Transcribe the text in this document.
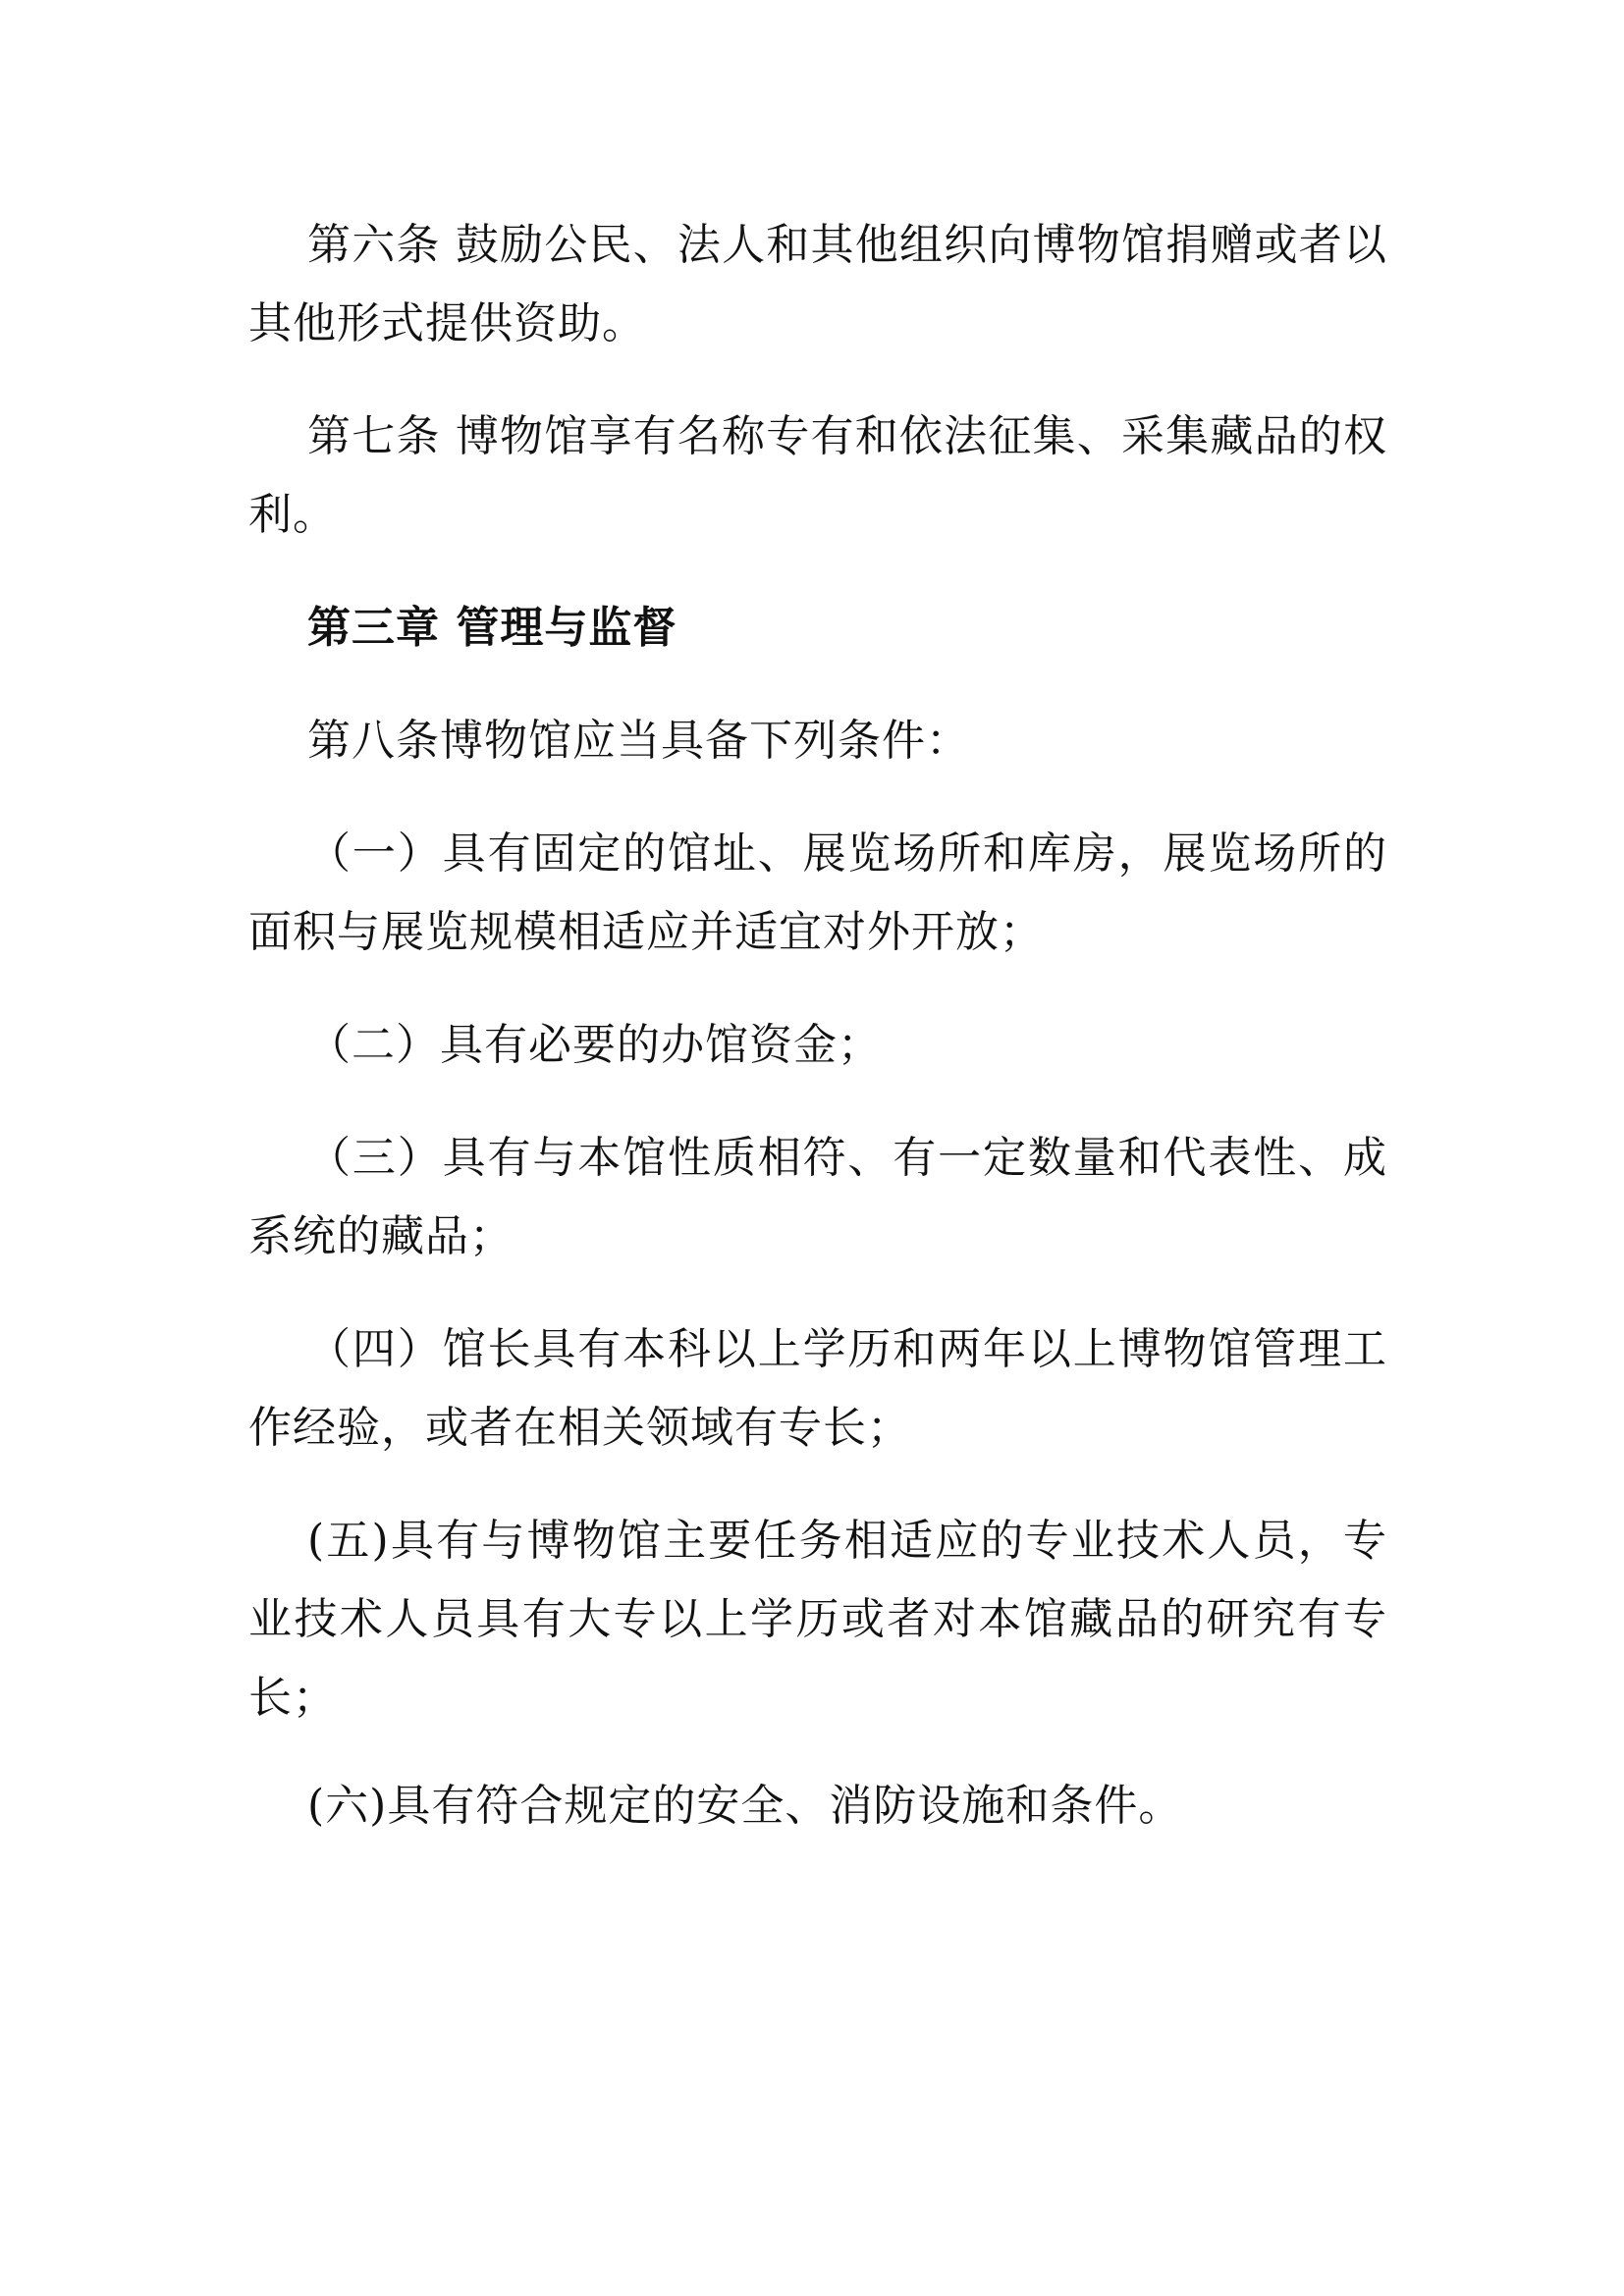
第六条 鼓励公民、法人和其他组织向博物馆捐赠或者以其他形式提供资助。

第七条 博物馆享有名称专有和依法征集、采集藏品的权利。

第三章 管理与监督

第八条博物馆应当具备下列条件：

（一）具有固定的馆址、展览场所和库房，展览场所的面积与展览规模相适应并适宜对外开放；

（二）具有必要的办馆资金；

（三）具有与本馆性质相符、有一定数量和代表性、成系统的藏品；

（四）馆长具有本科以上学历和两年以上博物馆管理工作经验，或者在相关领域有专长；

(五)具有与博物馆主要任务相适应的专业技术人员，专业技术人员具有大专以上学历或者对本馆藏品的研究有专长；

(六)具有符合规定的安全、消防设施和条件。
